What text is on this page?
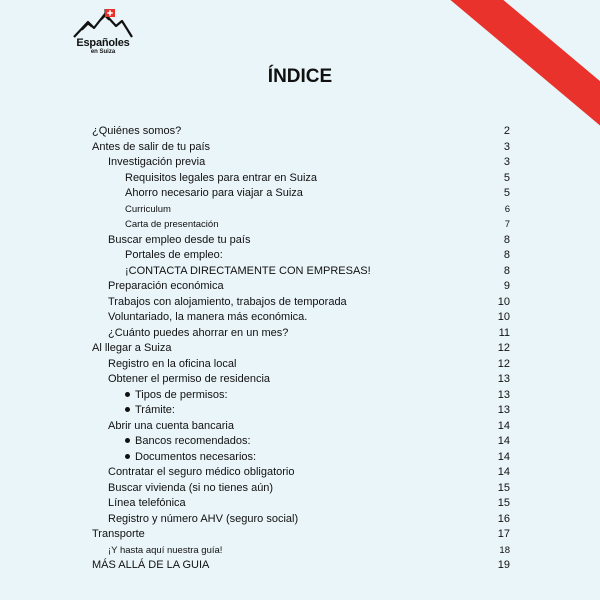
Españoles
en Suiza
ÍNDICE
¿Quiénes somos?	2
Antes de salir de tu país	3
Investigación previa	3
Requisitos legales para entrar en Suiza	5
Ahorro necesario para viajar a Suiza	5
Curriculum	6
Carta de presentación	7
Buscar empleo desde tu país	8
Portales de empleo:	8
¡CONTACTA DIRECTAMENTE CON EMPRESAS!	8
Preparación económica	9
Trabajos con alojamiento, trabajos de temporada	10
Voluntariado, la manera más económica.	10
¿Cuánto puedes ahorrar en un mes?	11
Al llegar a Suiza	12
Registro en la oficina local	12
Obtener el permiso de residencia	13
Tipos de permisos:	13
Trámite:	13
Abrir una cuenta bancaria	14
Bancos recomendados:	14
Documentos necesarios:	14
Contratar el seguro médico obligatorio	14
Buscar vivienda (si no tienes aún)	15
Línea telefónica	15
Registro y número AHV (seguro social)	16
Transporte	17
¡Y hasta aquí nuestra guía!	18
MÁS ALLÁ DE LA GUIA	19
